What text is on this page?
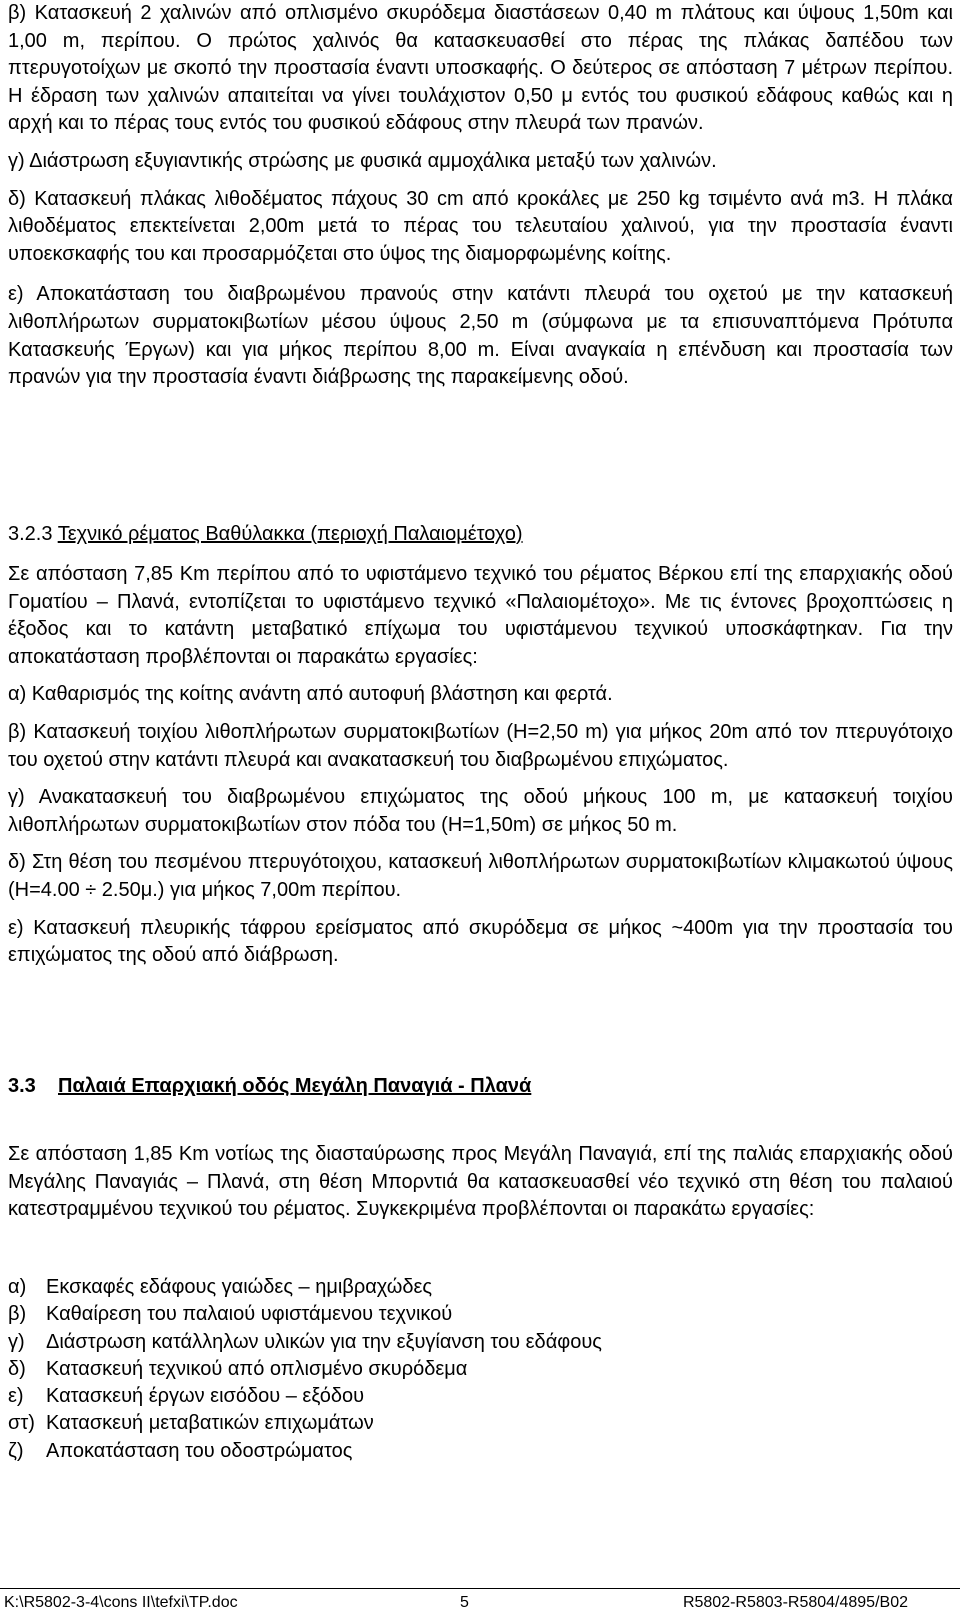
β) Κατασκευή 2 χαλινών από οπλισμένο σκυρόδεμα διαστάσεων 0,40 m πλάτους και ύψους 1,50m και 1,00 m, περίπου. Ο πρώτος χαλινός θα κατασκευασθεί στο πέρας της πλάκας δαπέδου των πτερυγοτοίχων με σκοπό την προστασία έναντι υποσκαφής. Ο δεύτερος σε απόσταση 7 μέτρων περίπου. Η έδραση των χαλινών απαιτείται να γίνει τουλάχιστον 0,50 μ εντός του φυσικού εδάφους καθώς και η αρχή και το πέρας τους εντός του φυσικού εδάφους στην πλευρά των πρανών.

γ) Διάστρωση εξυγιαντικής στρώσης με φυσικά αμμοχάλικα μεταξύ των χαλινών.

δ) Κατασκευή πλάκας λιθοδέματος πάχους 30 cm από κροκάλες με 250 kg τσιμέντο ανά m3. Η πλάκα λιθοδέματος επεκτείνεται 2,00m μετά το πέρας του τελευταίου χαλινού, για την προστασία έναντι υποεκσκαφής του και προσαρμόζεται στο ύψος της διαμορφωμένης κοίτης.

ε) Αποκατάσταση του διαβρωμένου πρανούς στην κατάντι πλευρά του οχετού με την κατασκευή λιθοπλήρωτων συρματοκιβωτίων μέσου ύψους 2,50 m (σύμφωνα με τα επισυναπτόμενα Πρότυπα Κατασκευής Έργων) και για μήκος περίπου 8,00 m. Είναι αναγκαία η επένδυση και προστασία των πρανών για την προστασία έναντι διάβρωσης της παρακείμενης οδού.

3.2.3 Τεχνικό ρέματος Βαθύλακκα (περιοχή Παλαιομέτοχο)

Σε απόσταση 7,85 Km περίπου από το υφιστάμενο τεχνικό του ρέματος Βέρκου επί της επαρχιακής οδού Γοματίου – Πλανά, εντοπίζεται το υφιστάμενο τεχνικό «Παλαιομέτοχο». Με τις έντονες βροχοπτώσεις η έξοδος και το κατάντη μεταβατικό επίχωμα του υφιστάμενου τεχνικού υποσκάφτηκαν. Για την αποκατάσταση προβλέπονται οι παρακάτω εργασίες:

α) Καθαρισμός της κοίτης ανάντη από αυτοφυή βλάστηση και φερτά.

β) Κατασκευή τοιχίου λιθοπλήρωτων συρματοκιβωτίων (Η=2,50 m) για μήκος 20m από τον πτερυγότοιχο του οχετού στην κατάντι πλευρά και ανακατασκευή του διαβρωμένου επιχώματος.

γ) Ανακατασκευή του διαβρωμένου επιχώματος της οδού μήκους 100 m, με κατασκευή τοιχίου λιθοπλήρωτων συρματοκιβωτίων στον πόδα του (Η=1,50m) σε μήκος 50 m.

δ) Στη θέση του πεσμένου πτερυγότοιχου, κατασκευή λιθοπλήρωτων συρματοκιβωτίων κλιμακωτού ύψους (Η=4.00 ÷ 2.50μ.) για μήκος 7,00m περίπου.

ε) Κατασκευή πλευρικής τάφρου ερείσματος από σκυρόδεμα σε μήκος ~400m για την προστασία του επιχώματος της οδού από διάβρωση.

3.3 Παλαιά Επαρχιακή οδός Μεγάλη Παναγιά - Πλανά

Σε απόσταση 1,85 Km νοτίως της διασταύρωσης προς Μεγάλη Παναγιά, επί της παλιάς επαρχιακής οδού Μεγάλης Παναγιάς – Πλανά, στη θέση Μπορντιά θα κατασκευασθεί νέο τεχνικό στη θέση του παλαιού κατεστραμμένου τεχνικού του ρέματος. Συγκεκριμένα προβλέπονται οι παρακάτω εργασίες:

α) Εκσκαφές εδάφους γαιώδες – ημιβραχώδες
β) Καθαίρεση του παλαιού υφιστάμενου τεχνικού
γ) Διάστρωση κατάλληλων υλικών για την εξυγίανση του εδάφους
δ) Κατασκευή τεχνικού από οπλισμένο σκυρόδεμα
ε) Κατασκευή έργων εισόδου – εξόδου
στ) Κατασκευή μεταβατικών επιχωμάτων
ζ) Αποκατάσταση του οδοστρώματος
K:\R5802-3-4\cons II\tefxi\TP.doc	5	R5802-R5803-R5804/4895/B02
